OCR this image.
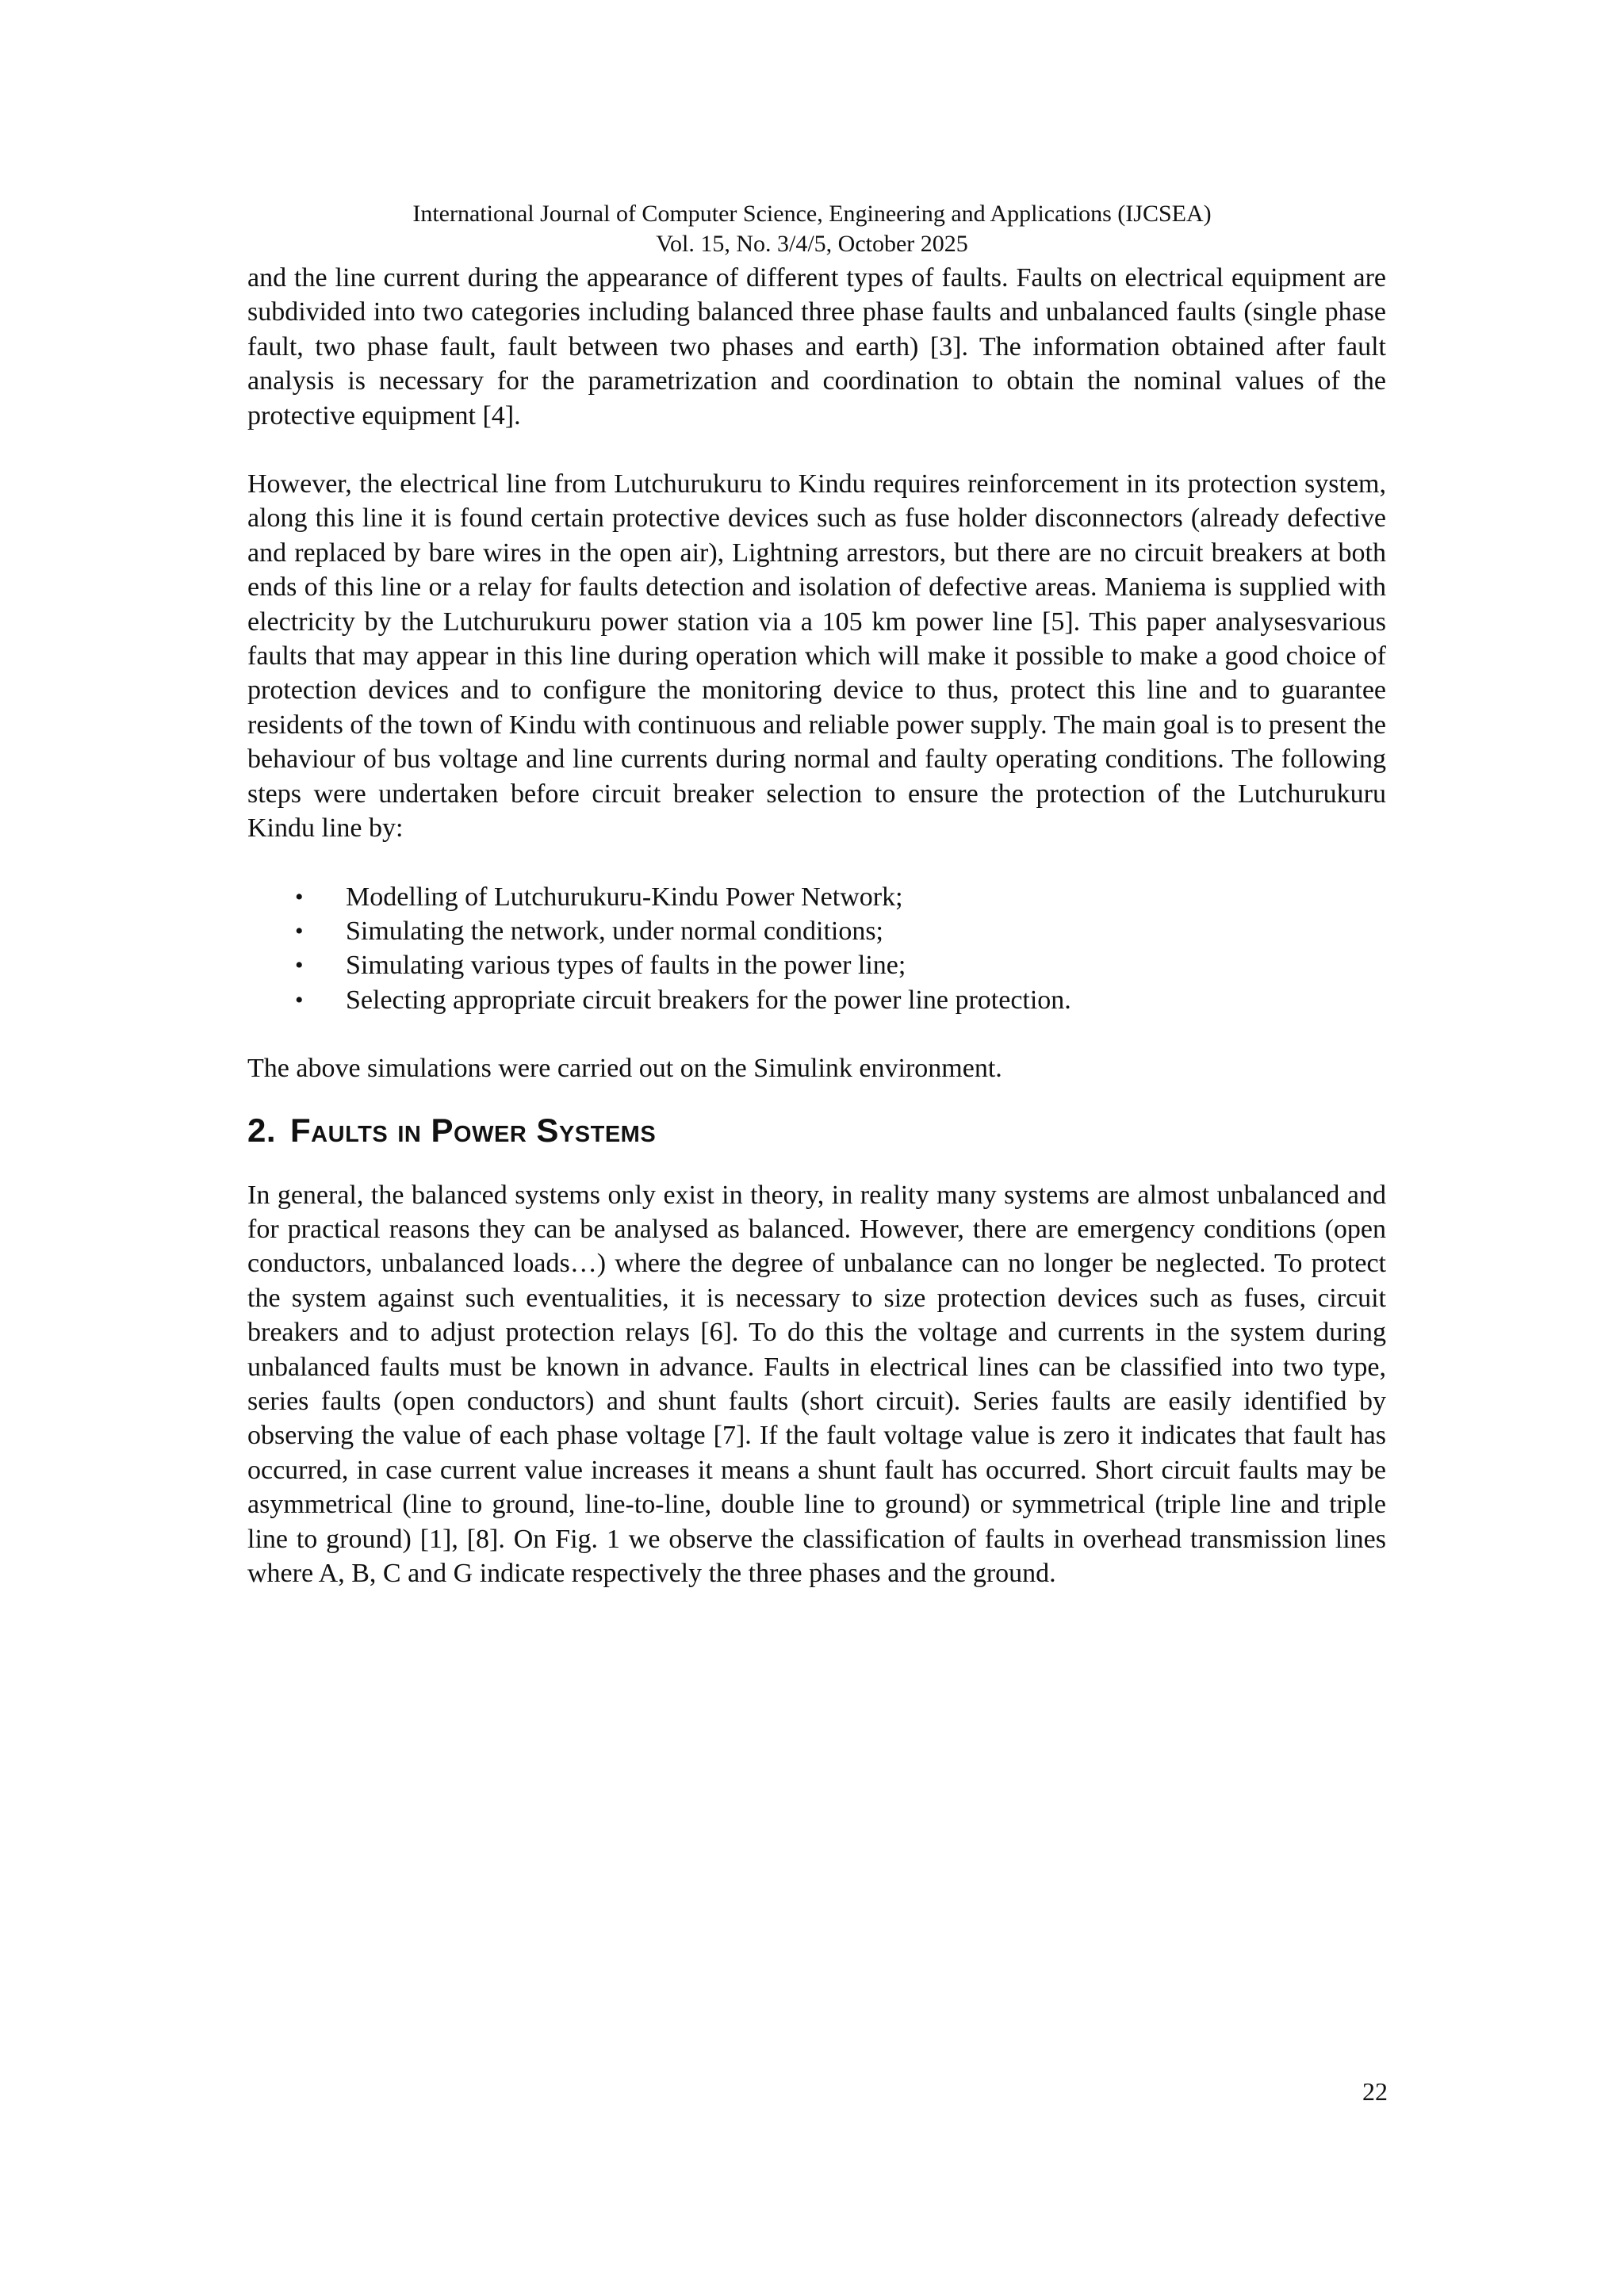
International Journal of Computer Science, Engineering and Applications (IJCSEA)
Vol. 15, No. 3/4/5, October 2025

and the line current during the appearance of different types of faults. Faults on electrical equipment are subdivided into two categories including balanced three phase faults and unbalanced faults (single phase fault, two phase fault, fault between two phases and earth) [3]. The information obtained after fault analysis is necessary for the parametrization and coordination to obtain the nominal values of the protective equipment [4].

However, the electrical line from Lutchurukuru to Kindu requires reinforcement in its protection system, along this line it is found certain protective devices such as fuse holder disconnectors (already defective and replaced by bare wires in the open air), Lightning arrestors, but there are no circuit breakers at both ends of this line or a relay for faults detection and isolation of defective areas. Maniema is supplied with electricity by the Lutchurukuru power station via a 105 km power line [5]. This paper analysesvarious faults that may appear in this line during operation which will make it possible to make a good choice of protection devices and to configure the monitoring device to thus, protect this line and to guarantee residents of the town of Kindu with continuous and reliable power supply. The main goal is to present the behaviour of bus voltage and line currents during normal and faulty operating conditions. The following steps were undertaken before circuit breaker selection to ensure the protection of the Lutchurukuru Kindu line by:

• Modelling of Lutchurukuru-Kindu Power Network;
• Simulating the network, under normal conditions;
• Simulating various types of faults in the power line;
• Selecting appropriate circuit breakers for the power line protection.

The above simulations were carried out on the Simulink environment.

2. Faults in Power Systems

In general, the balanced systems only exist in theory, in reality many systems are almost unbalanced and for practical reasons they can be analysed as balanced. However, there are emergency conditions (open conductors, unbalanced loads…) where the degree of unbalance can no longer be neglected. To protect the system against such eventualities, it is necessary to size protection devices such as fuses, circuit breakers and to adjust protection relays [6]. To do this the voltage and currents in the system during unbalanced faults must be known in advance. Faults in electrical lines can be classified into two type, series faults (open conductors) and shunt faults (short circuit). Series faults are easily identified by observing the value of each phase voltage [7]. If the fault voltage value is zero it indicates that fault has occurred, in case current value increases it means a shunt fault has occurred. Short circuit faults may be asymmetrical (line to ground, line-to-line, double line to ground) or symmetrical (triple line and triple line to ground) [1], [8]. On Fig. 1 we observe the classification of faults in overhead transmission lines where A, B, C and G indicate respectively the three phases and the ground.

22
